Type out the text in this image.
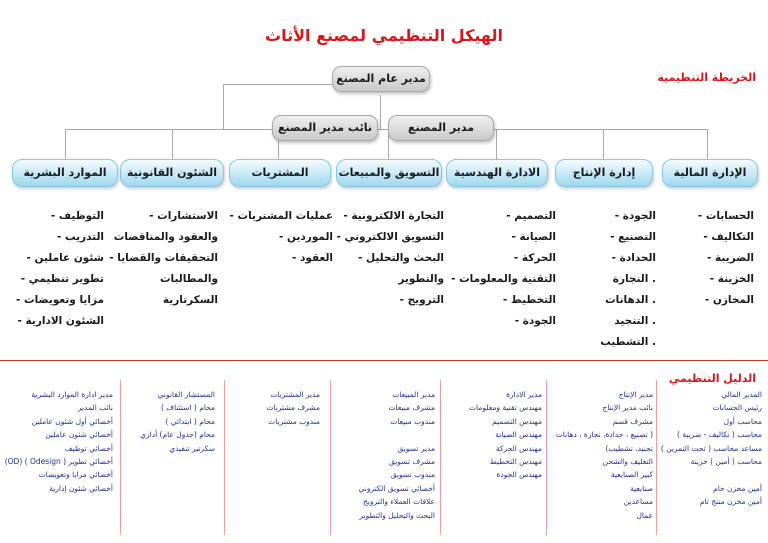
الهيكل التنظيمي لمصنع الأثاث
الخريطة التنظيمية
الدليل التنظيمي
مدير عام المصنع
نائب مدير المصنع	مدير المصنع
الإدارة المالية
إدارة الإنتاج
الادارة الهندسية
التسويق والمبيعات
المشتريات
الشئون القانونية
الموارد البشرية
الحسابات -
التكاليف -
الضريبة -
الخزينة -
المخازن -
الجودة -
التصنيع -
الحدادة -
. النجارة
. الدهانات
. التنجيد
. التشطيب
التصميم -
الصيانة -
الحركة -
التقنية والمعلومات -
التخطيط -
الجودة -
التجارة الالكترونية -
التسويق الالكتروني -
البحث والتحليل -
والتطوير
الترويج -
عمليات المشتريات -
الموردين -
العقود -
الاستشارات -
والعقود والمناقصات
التحقيقات والقضايا -
والمطالبات
السكرتارية
التوظيف -
التدريب -
شئون عاملين -
تطوير تنظيمي -
مزايا وتعويضات -
الشئون الادارية -
المدير المالي
رئيس الحسابات
محاسب أول
محاسب ( تكاليف - ضريبة )
مساعد محاسب ( تحت التمرين )
محاسب ( أمين ) خزينة
أمين مخزن خام
أمين مخزن منتج تام
مدير الإنتاج
نائب مدير الإنتاج
مشرف قسم
( تصنيع ، حدادة، نجارة ، دهانات
تجنيد، تشطيب)
التغليف والشحن
كبير الصنايعية
صنايعية
مساعدين
عمال
مدير الادارة
مهندس تقنية ومعلومات
مهندس التصميم
مهندس الصيانة
مهندس الحركة
مهندس التخطيط
مهندس الجودة
مدير المبيعات
مشرف مبيعات
مندوب مبيعات
مدير تسويق
مشرف تسويق
مندوب تسويق
أخصائي تسويق الكتروني
علاقات العملاء والترويج
البحث والتحليل والتطوير
مدير المشتريات
مشرف مشتريات
مندوب مشتريات
المستشار القانوني
محام ( استئناف )
محام ( ابتدائي )
محام (جدول عام) أداري
سكرتير تنفيذي
مدير ادارة الموارد البشرية
نائب المدير
أخصائي أول شئون عاملين
أخصائي شئون عاملين
أخصائي توظيف
أخصائي تطوير ( Odesign ) (OD)
أخصائي مزايا وتعويضات
أخصائي شئون إدارية
